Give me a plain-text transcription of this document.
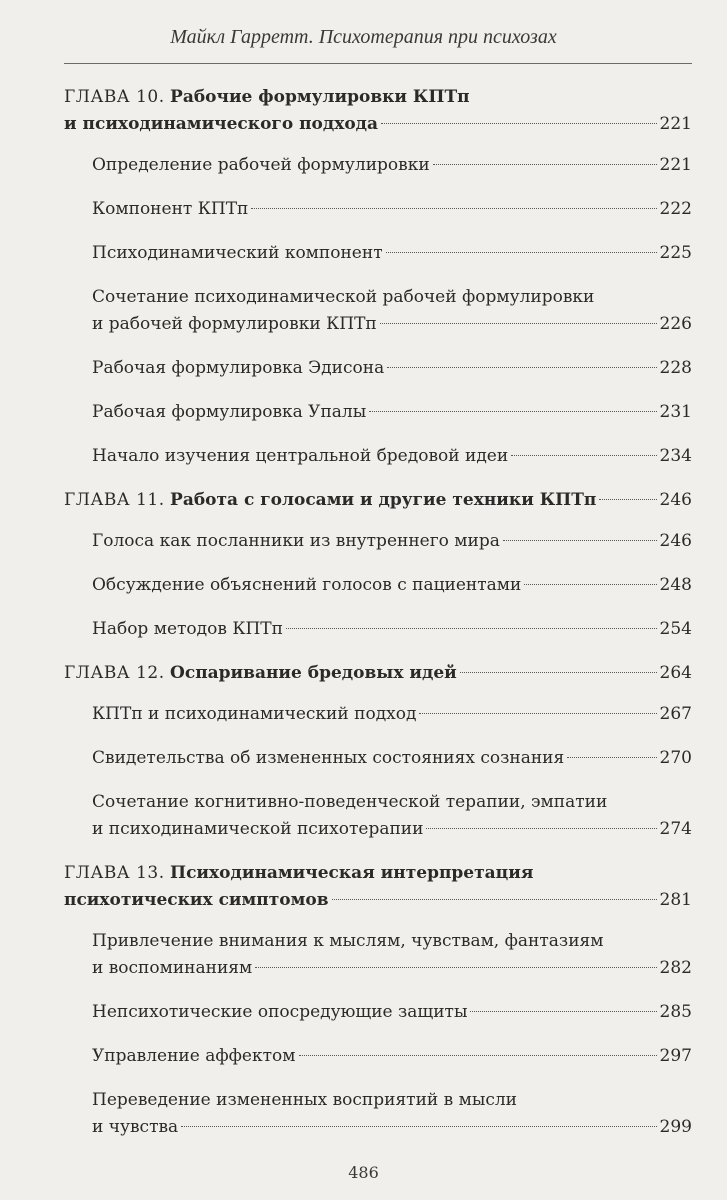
Майкл Гарретт. Психотерапия при психозах
ГЛАВА 10. Рабочие формулировки КПТп
и психодинамического подхода	221
Определение рабочей формулировки	221
Компонент КПТп	222
Психодинамический компонент	225
Сочетание психодинамической рабочей формулировки
и рабочей формулировки КПТп	226
Рабочая формулировка Эдисона	228
Рабочая формулировка Упалы	231
Начало изучения центральной бредовой идеи	234
ГЛАВА 11. Работа с голосами и другие техники КПТп	246
Голоса как посланники из внутреннего мира	246
Обсуждение объяснений голосов с пациентами	248
Набор методов КПТп	254
ГЛАВА 12. Оспаривание бредовых идей	264
КПТп и психодинамический подход	267
Свидетельства об измененных состояниях сознания	270
Сочетание когнитивно-поведенческой терапии, эмпатии
и психодинамической психотерапии	274
ГЛАВА 13. Психодинамическая интерпретация
психотических симптомов	281
Привлечение внимания к мыслям, чувствам, фантазиям
и воспоминаниям	282
Непсихотические опосредующие защиты	285
Управление аффектом	297
Переведение измененных восприятий в мысли
и чувства	299
486
